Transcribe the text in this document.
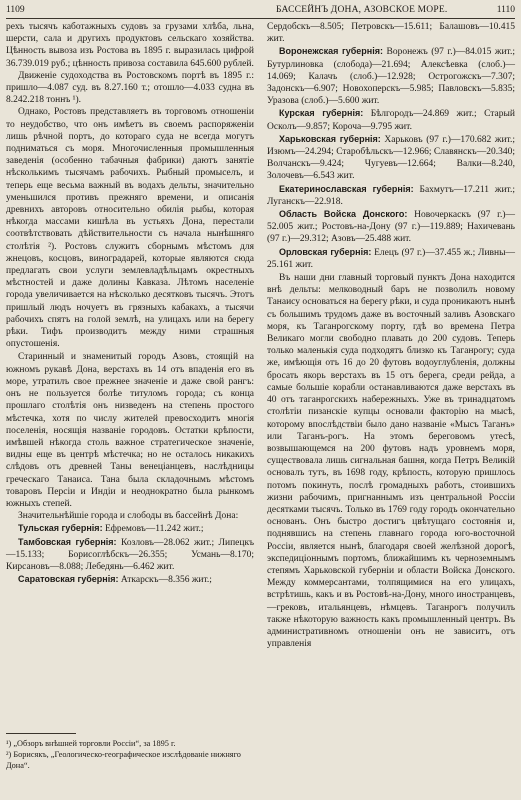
1109	БАССЕЙНЪ ДОНА, АЗОВСКОЕ МОРЕ.	1110

рехъ тысячъ каботажныхъ судовъ за грузами хлѣба, льна, шерсти, сала и другихъ продуктовъ сельскаго хозяйства. Цѣнность вывоза изъ Ростова въ 1895 г. выразилась цифрой 36.739.019 руб.; цѣнность привоза составила 645.600 рублей.

Движеніе судоходства въ Ростовскомъ портѣ въ 1895 г.: пришло—4.087 суд. въ 8.27.160 т.; отошло—4.033 судна въ 8.242.218 тоннъ ¹).

Однако, Ростовъ представляетъ въ торговомъ отношеніи то неудобство, что онъ имѣетъ въ своемъ распоряженіи лишь рѣчной портъ, до котораго суда не всегда могутъ подниматься съ моря. Многочисленныя промышленныя заведенія (особенно табачныя фабрики) даютъ занятіе нѣсколькимъ тысячамъ рабочихъ. Рыбный промыселъ, и теперь еще весьма важный въ водахъ дельты, значительно уменьшился противъ прежняго времени, и описанія древнихъ авторовъ относительно обилія рыбы, которая нѣкогда массами кишѣла въ устьяхъ Дона, перестали соотвѣтствовать дѣйствительности съ начала нынѣшняго столѣтія ²). Ростовъ служитъ сборнымъ мѣстомъ для жнецовъ, косцовъ, виноградарей, которые являются сюда предлагать свои услуги землевладѣльцамъ окрестныхъ мѣстностей и даже долины Кавказа. Лѣтомъ населеніе города увеличивается на нѣсколько десятковъ тысячъ. Этотъ пришлый людъ ночуетъ въ грязныхъ кабакахъ, а тысячи рабочихъ спятъ на голой землѣ, на улицахъ или на берегу рѣки. Тифъ производитъ между ними страшныя опустошенія.

Старинный и знаменитый городъ Азовъ, стоящій на южномъ рукавѣ Дона, верстахъ въ 14 отъ впаденія его въ море, утратилъ свое прежнее значеніе и даже свой рангъ: онъ не пользуется болѣе титуломъ города; съ конца прошлаго столѣтія онъ низведенъ на степень простого мѣстечка, хотя по числу жителей превосходитъ многія поселенія, носящія названіе городовъ. Остатки крѣпости, имѣвшей нѣкогда столь важное стратегическое значеніе, видны еще въ центрѣ мѣстечка; но не осталось никакихъ слѣдовъ отъ древней Таны венеціанцевъ, наслѣдницы греческаго Танаиса. Тана была складочнымъ мѣстомъ товаровъ Персіи и Индіи и неоднократно была рынкомъ южныхъ степей.

Значительнѣйшіе города и слободы въ бассейнѣ Дона:

Тульская губернія: Ефремовъ—11.242 жит.;

Тамбовская губернія: Козловъ—28.062 жит.; Липецкъ—15.133; Борисоглѣбскъ—26.355; Усмань—8.170; Кирсановъ—8.088; Лебедянь—6.462 жит.

Саратовская губернія: Аткарскъ—8.356 жит.;

¹) „Обзоръ внѣшней торговли Россіи“, за 1895 г.

²) Борисякъ, „Геологическо-географическое изслѣдованіе нижняго Дона“.

Сердобскъ—8.505; Петровскъ—15.611; Балашовъ—10.415 жит.

Воронежская губернія: Воронежъ (97 г.)—84.015 жит.; Бутурлиновка (слобода)—21.694; Алексѣевка (слоб.)—14.069; Калачъ (слоб.)—12.928; Острогожскъ—7.307; Задонскъ—6.907; Новохоперскъ—5.985; Павловскъ—5.835; Уразова (слоб.)—5.600 жит.

Курская губернія: Бѣлгородъ—24.869 жит.; Старый Осколъ—9.857; Короча—9.795 жит.

Харьковская губернія: Харьковъ (97 г.)—170.682 жит.; Изюмъ—24.294; Старобѣльскъ—12.966; Славянскъ—20.340; Волчанскъ—9.424; Чугуевъ—12.664; Валки—8.240, Золочевъ—6.543 жит.

Екатеринославская губернія: Бахмутъ—17.211 жит.; Луганскъ—22.918.

Область Войска Донского: Новочеркаскъ (97 г.)—52.005 жит.; Ростовъ-на-Дону (97 г.)—119.889; Нахичевань (97 г.)—29.312; Азовъ—25.488 жит.

Орловская губернія: Елецъ (97 г.)—37.455 ж.; Ливны—25.161 жит.

Въ наши дни главный торговый пунктъ Дона находится внѣ дельты: мелководный баръ не позволилъ новому Танаису основаться на берегу рѣки, и суда проникаютъ нынѣ съ большимъ трудомъ даже въ восточный заливъ Азовскаго моря, къ Таганрогскому порту, гдѣ во времена Петра Великаго могли свободно плавать до 200 судовъ. Теперь только маленькія суда подходятъ близко къ Таганрогу; суда же, имѣющія отъ 16 до 20 футовъ водоуглубленія, должны бросать якорь верстахъ въ 15 отъ берега, среди рейда, а самые большіе корабли останавливаются даже верстахъ въ 40 отъ таганрогскихъ набережныхъ. Уже въ тринадцатомъ столѣтіи пизанскіе купцы основали факторію на мысѣ, которому впослѣдствіи было дано названіе «Мысъ Таганъ» или Таганъ-рогъ. На этомъ береговомъ утесѣ, возвышающемся на 200 футовъ надъ уровнемъ моря, существовала лишь сигнальная башня, когда Петръ Великій основалъ тутъ, въ 1698 году, крѣпость, которую пришлось потомъ покинуть, послѣ громадныхъ работъ, стоившихъ жизни рабочимъ, пригнаннымъ изъ центральной Россіи десятками тысячъ. Только въ 1769 году городъ окончательно основанъ. Онъ быстро достигъ цвѣтущаго состоянія и, поднявшись на степень главнаго города юго-восточной Россіи, является нынѣ, благодаря своей желѣзной дорогѣ, экспедиціоннымъ портомъ, ближайшимъ къ черноземнымъ степямъ Харьковской губерніи и области Войска Донского. Между коммерсантами, толпящимися на его улицахъ, встрѣтишь, какъ и въ Ростовѣ-на-Дону, много иностранцевъ,—грековъ, итальянцевъ, нѣмцевъ. Таганрогъ получилъ также нѣкоторую важность какъ промышленный центръ. Въ административномъ отношеніи онъ не зависитъ, отъ управленія
